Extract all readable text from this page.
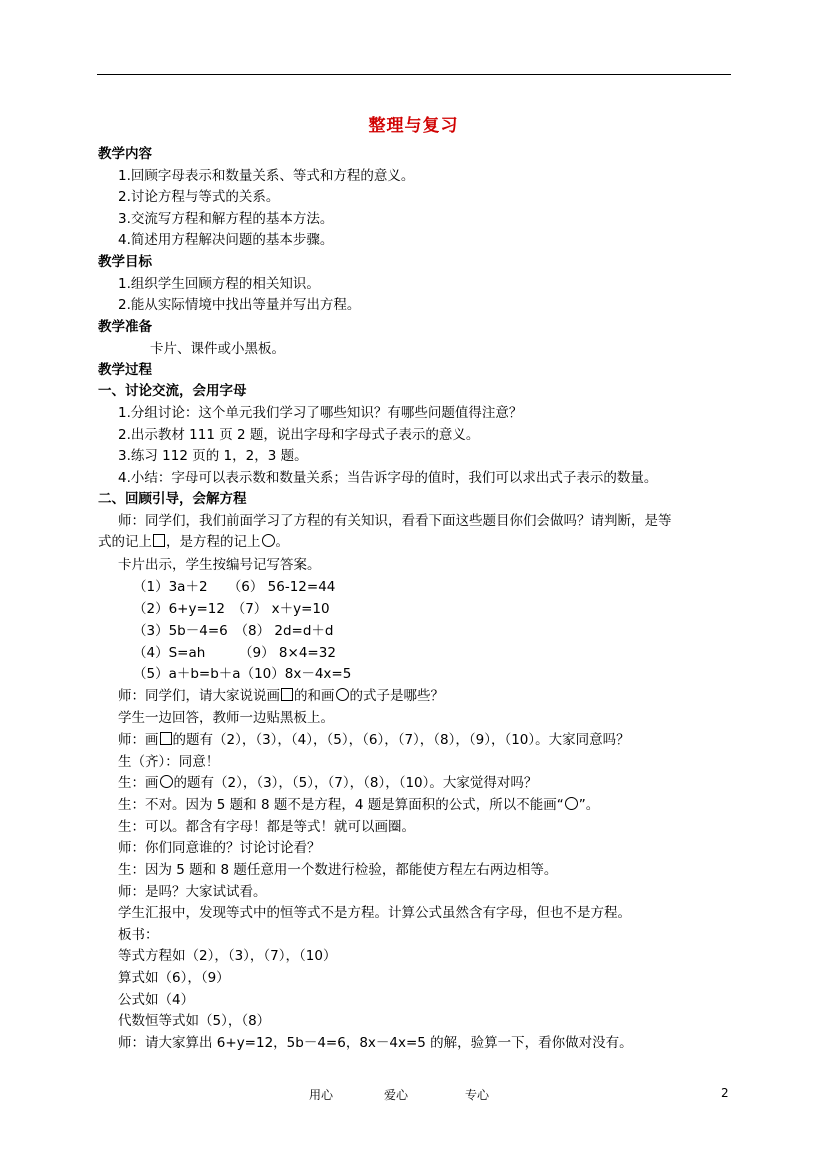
整理与复习
教学内容
1.回顾字母表示和数量关系、等式和方程的意义。
2.讨论方程与等式的关系。
3.交流写方程和解方程的基本方法。
4.简述用方程解决问题的基本步骤。
教学目标
1.组织学生回顾方程的相关知识。
2.能从实际情境中找出等量并写出方程。
教学准备
卡片、课件或小黑板。
教学过程
一、讨论交流，会用字母
1.分组讨论：这个单元我们学习了哪些知识？有哪些问题值得注意？
2.出示教材 111 页 2 题，说出字母和字母式子表示的意义。
3.练习 112 页的 1，2，3 题。
4.小结：字母可以表示数和数量关系；当告诉字母的值时，我们可以求出式子表示的数量。
二、回顾引导，会解方程
师：同学们，我们前面学习了方程的有关知识，看看下面这些题目你们会做吗？请判断，是等
式的记上 ，是方程的记上○。
卡片出示，学生按编号记写答案。
（1）3a＋2　　（6） 56-12=44
（2）6+y=12　（7） x＋y=10
（3）5b－4=6　（8） 2d=d＋d
（4）S=ah　　　（9） 8×4=32
（5）a＋b=b＋a（10）8x－4x=5
师：同学们，请大家说说画 的和画○的式子是哪些？
学生一边回答，教师一边贴黑板上。
师：画 的题有（2），（3），（4），（5），（6），（7），（8），（9），（10）。大家同意吗？
生（齐）：同意！
生：画○的题有（2），（3），（5），（7），（8），（10）。大家觉得对吗？
生：不对。因为 5 题和 8 题不是方程，4 题是算面积的公式，所以不能画“○”。
生：可以。都含有字母！都是等式！就可以画圈。
师：你们同意谁的？讨论讨论看？
生：因为 5 题和 8 题任意用一个数进行检验，都能使方程左右两边相等。
师：是吗？大家试试看。
学生汇报中，发现等式中的恒等式不是方程。计算公式虽然含有字母，但也不是方程。
板书：
等式方程如（2），（3），（7），（10）
算式如（6），（9）
公式如（4）
代数恒等式如（5），（8）
师：请大家算出 6+y=12，5b－4=6，8x－4x=5 的解，验算一下，看你做对没有。
用心	爱心	专心	2
